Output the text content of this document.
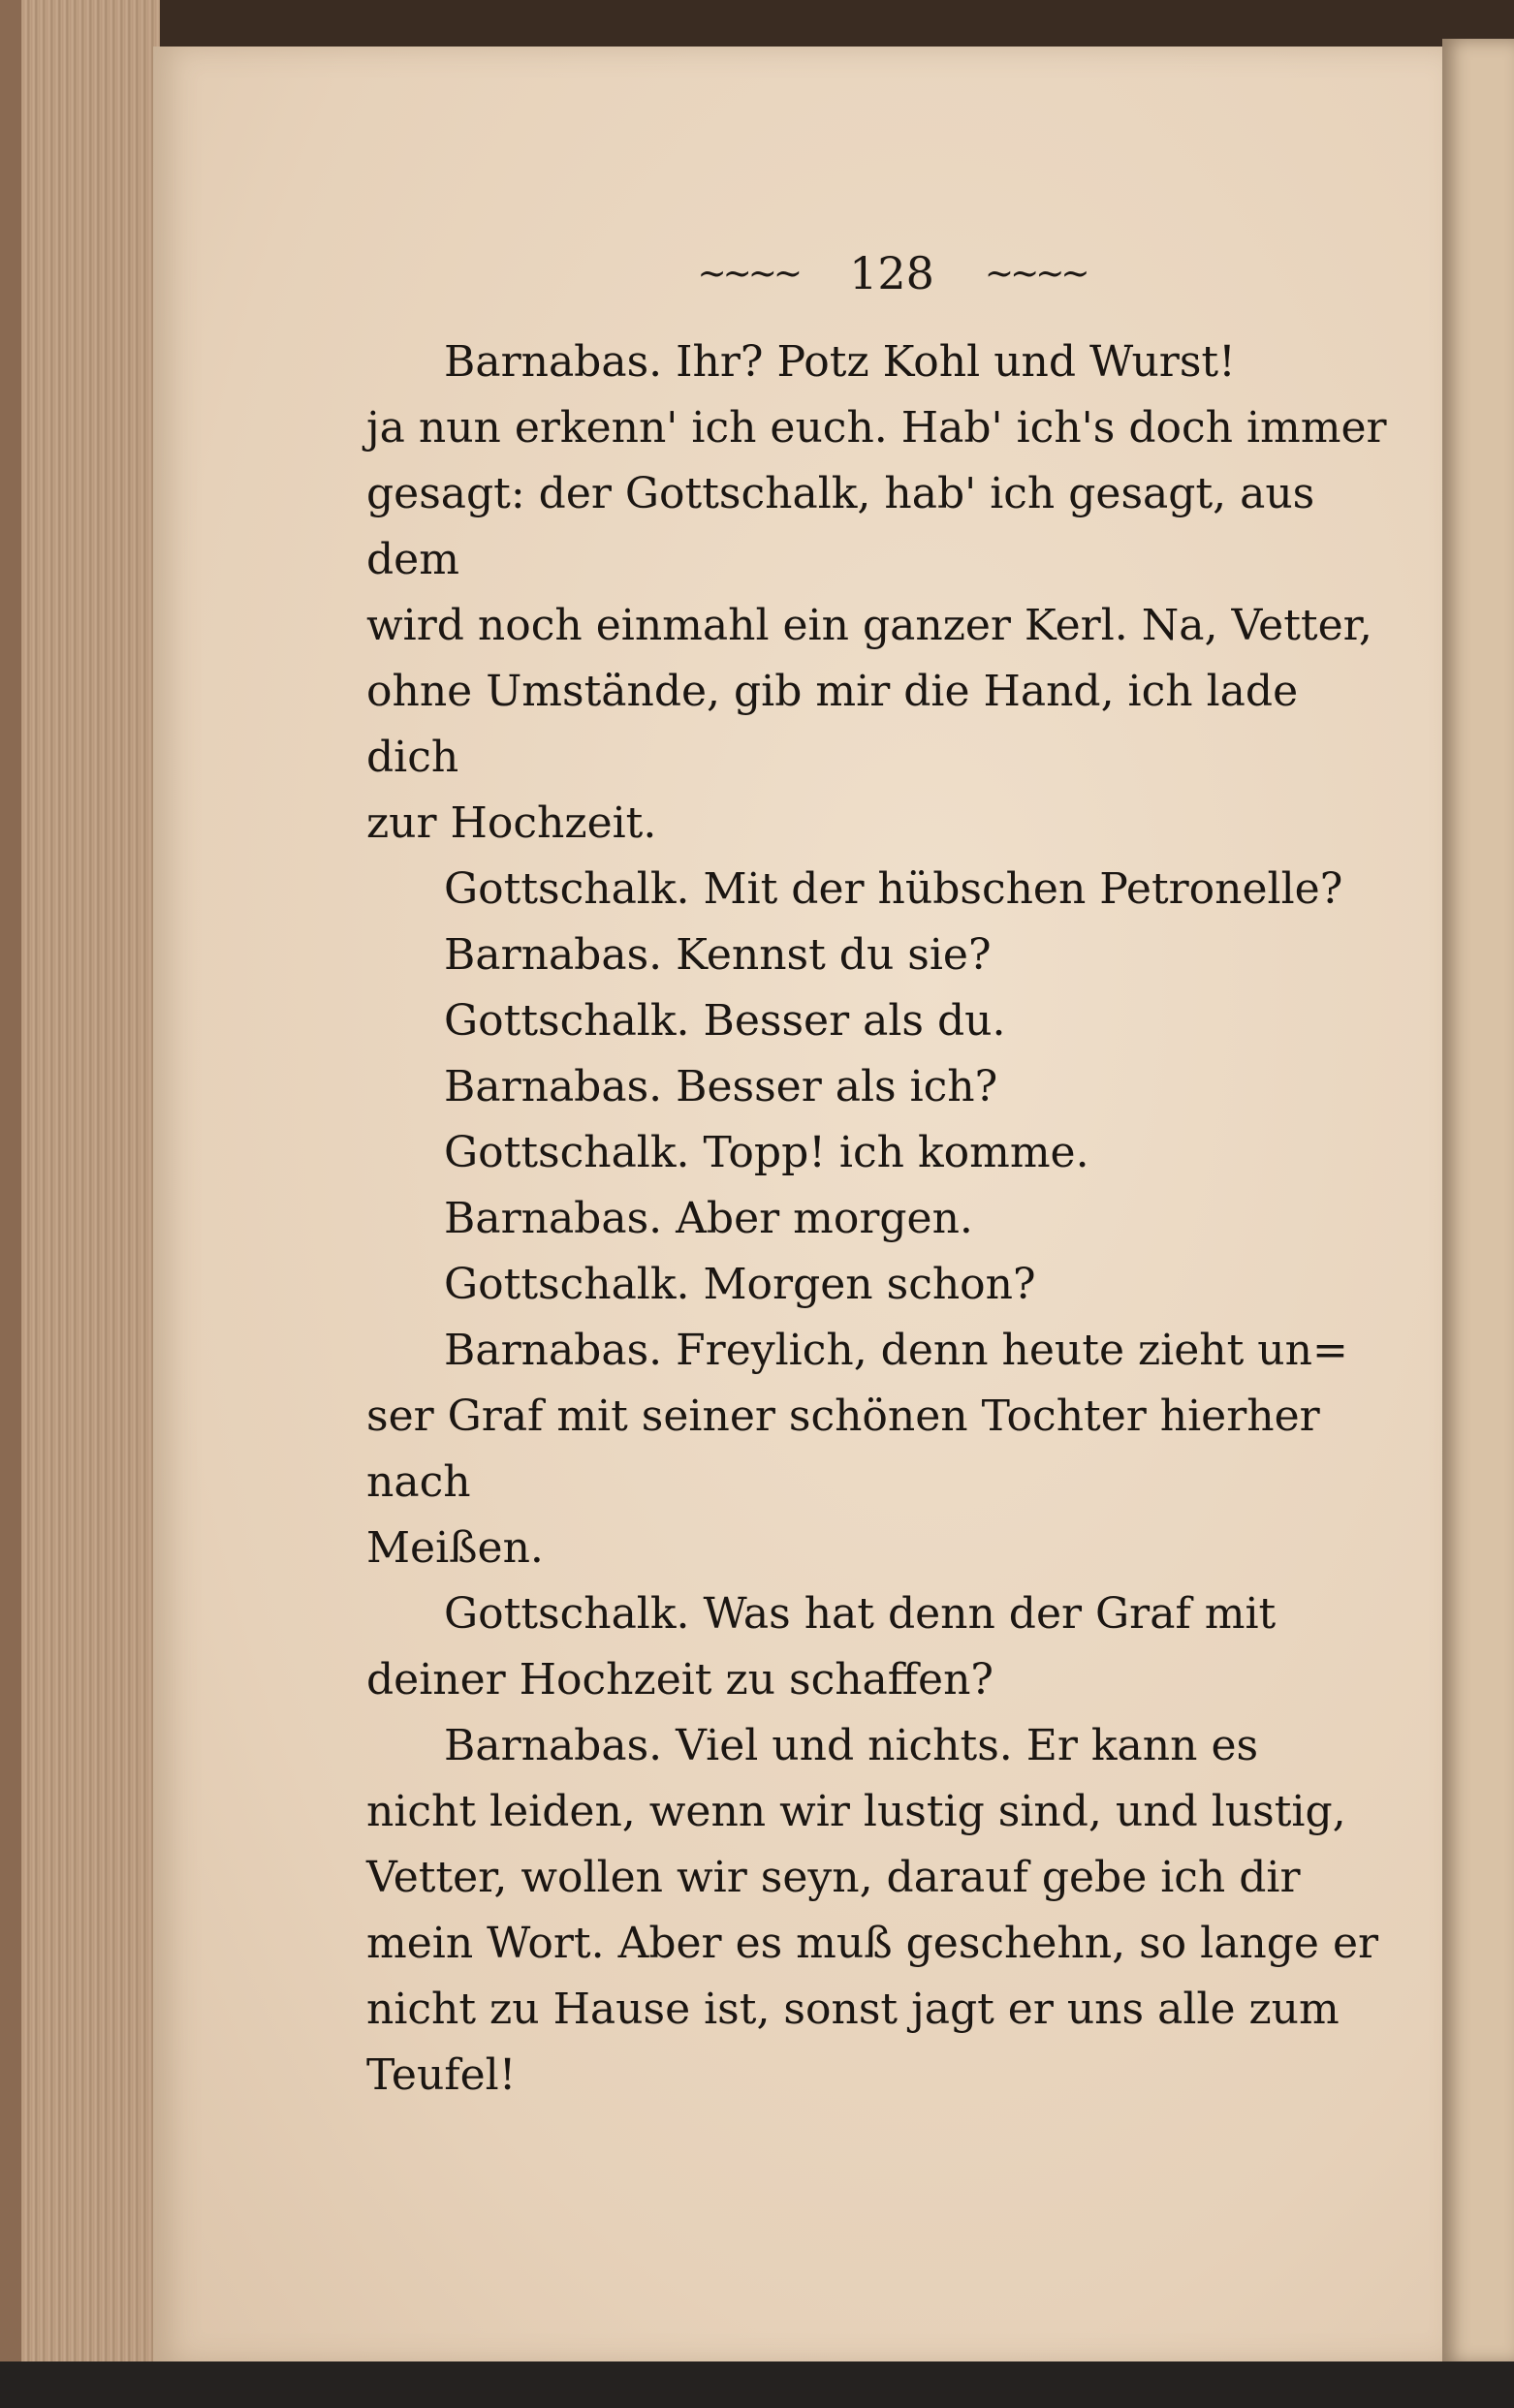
~~~~ 128 ~~~~
Barnabas. Ihr? Potz Kohl und Wurst!
ja nun erkenn' ich euch. Hab' ich's doch immer
gesagt: der Gottschalk, hab' ich gesagt, aus dem
wird noch einmahl ein ganzer Kerl. Na, Vetter,
ohne Umstände, gib mir die Hand, ich lade dich
zur Hochzeit.
Gottschalk. Mit der hübschen Petronelle?
Barnabas. Kennst du sie?
Gottschalk. Besser als du.
Barnabas. Besser als ich?
Gottschalk. Topp! ich komme.
Barnabas. Aber morgen.
Gottschalk. Morgen schon?
Barnabas. Freylich, denn heute zieht un=
ser Graf mit seiner schönen Tochter hierher nach
Meißen.
Gottschalk. Was hat denn der Graf mit
deiner Hochzeit zu schaffen?
Barnabas. Viel und nichts. Er kann es
nicht leiden, wenn wir lustig sind, und lustig,
Vetter, wollen wir seyn, darauf gebe ich dir
mein Wort. Aber es muß geschehn, so lange er
nicht zu Hause ist, sonst jagt er uns alle zum
Teufel!
